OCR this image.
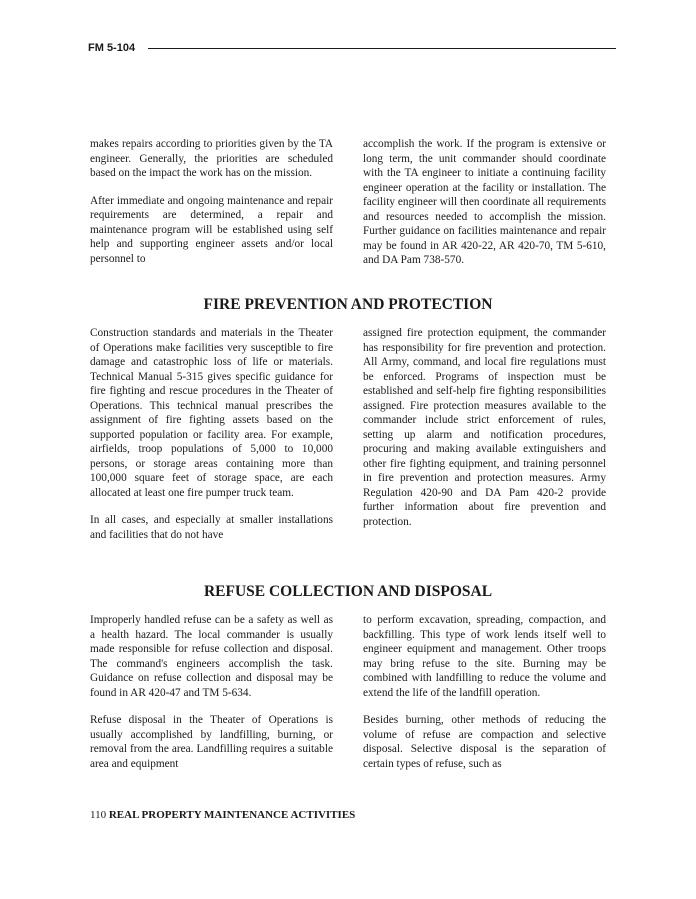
FM 5-104

makes repairs according to priorities given by the TA engineer. Generally, the priorities are scheduled based on the impact the work has on the mission.

After immediate and ongoing maintenance and repair requirements are determined, a repair and maintenance program will be established using self help and supporting engineer assets and/or local personnel to

accomplish the work. If the program is extensive or long term, the unit commander should coordinate with the TA engineer to initiate a continuing facility engineer operation at the facility or installation. The facility engineer will then coordinate all requirements and resources needed to accomplish the mission. Further guidance on facilities maintenance and repair may be found in AR 420-22, AR 420-70, TM 5-610, and DA Pam 738-570.

FIRE PREVENTION AND PROTECTION

Construction standards and materials in the Theater of Operations make facilities very susceptible to fire damage and catastrophic loss of life or materials. Technical Manual 5-315 gives specific guidance for fire fighting and rescue procedures in the Theater of Operations. This technical manual prescribes the assignment of fire fighting assets based on the supported population or facility area. For example, airfields, troop populations of 5,000 to 10,000 persons, or storage areas containing more than 100,000 square feet of storage space, are each allocated at least one fire pumper truck team.

In all cases, and especially at smaller installations and facilities that do not have

assigned fire protection equipment, the commander has responsibility for fire prevention and protection. All Army, command, and local fire regulations must be enforced. Programs of inspection must be established and self-help fire fighting responsibilities assigned. Fire protection measures available to the commander include strict enforcement of rules, setting up alarm and notification procedures, procuring and making available extinguishers and other fire fighting equipment, and training personnel in fire prevention and protection measures. Army Regulation 420-90 and DA Pam 420-2 provide further information about fire prevention and protection.

REFUSE COLLECTION AND DISPOSAL

Improperly handled refuse can be a safety as well as a health hazard. The local commander is usually made responsible for refuse collection and disposal. The command's engineers accomplish the task. Guidance on refuse collection and disposal may be found in AR 420-47 and TM 5-634.

Refuse disposal in the Theater of Operations is usually accomplished by landfilling, burning, or removal from the area. Landfilling requires a suitable area and equipment

to perform excavation, spreading, compaction, and backfilling. This type of work lends itself well to engineer equipment and management. Other troops may bring refuse to the site. Burning may be combined with landfilling to reduce the volume and extend the life of the landfill operation.

Besides burning, other methods of reducing the volume of refuse are compaction and selective disposal. Selective disposal is the separation of certain types of refuse, such as

110 REAL PROPERTY MAINTENANCE ACTIVITIES
